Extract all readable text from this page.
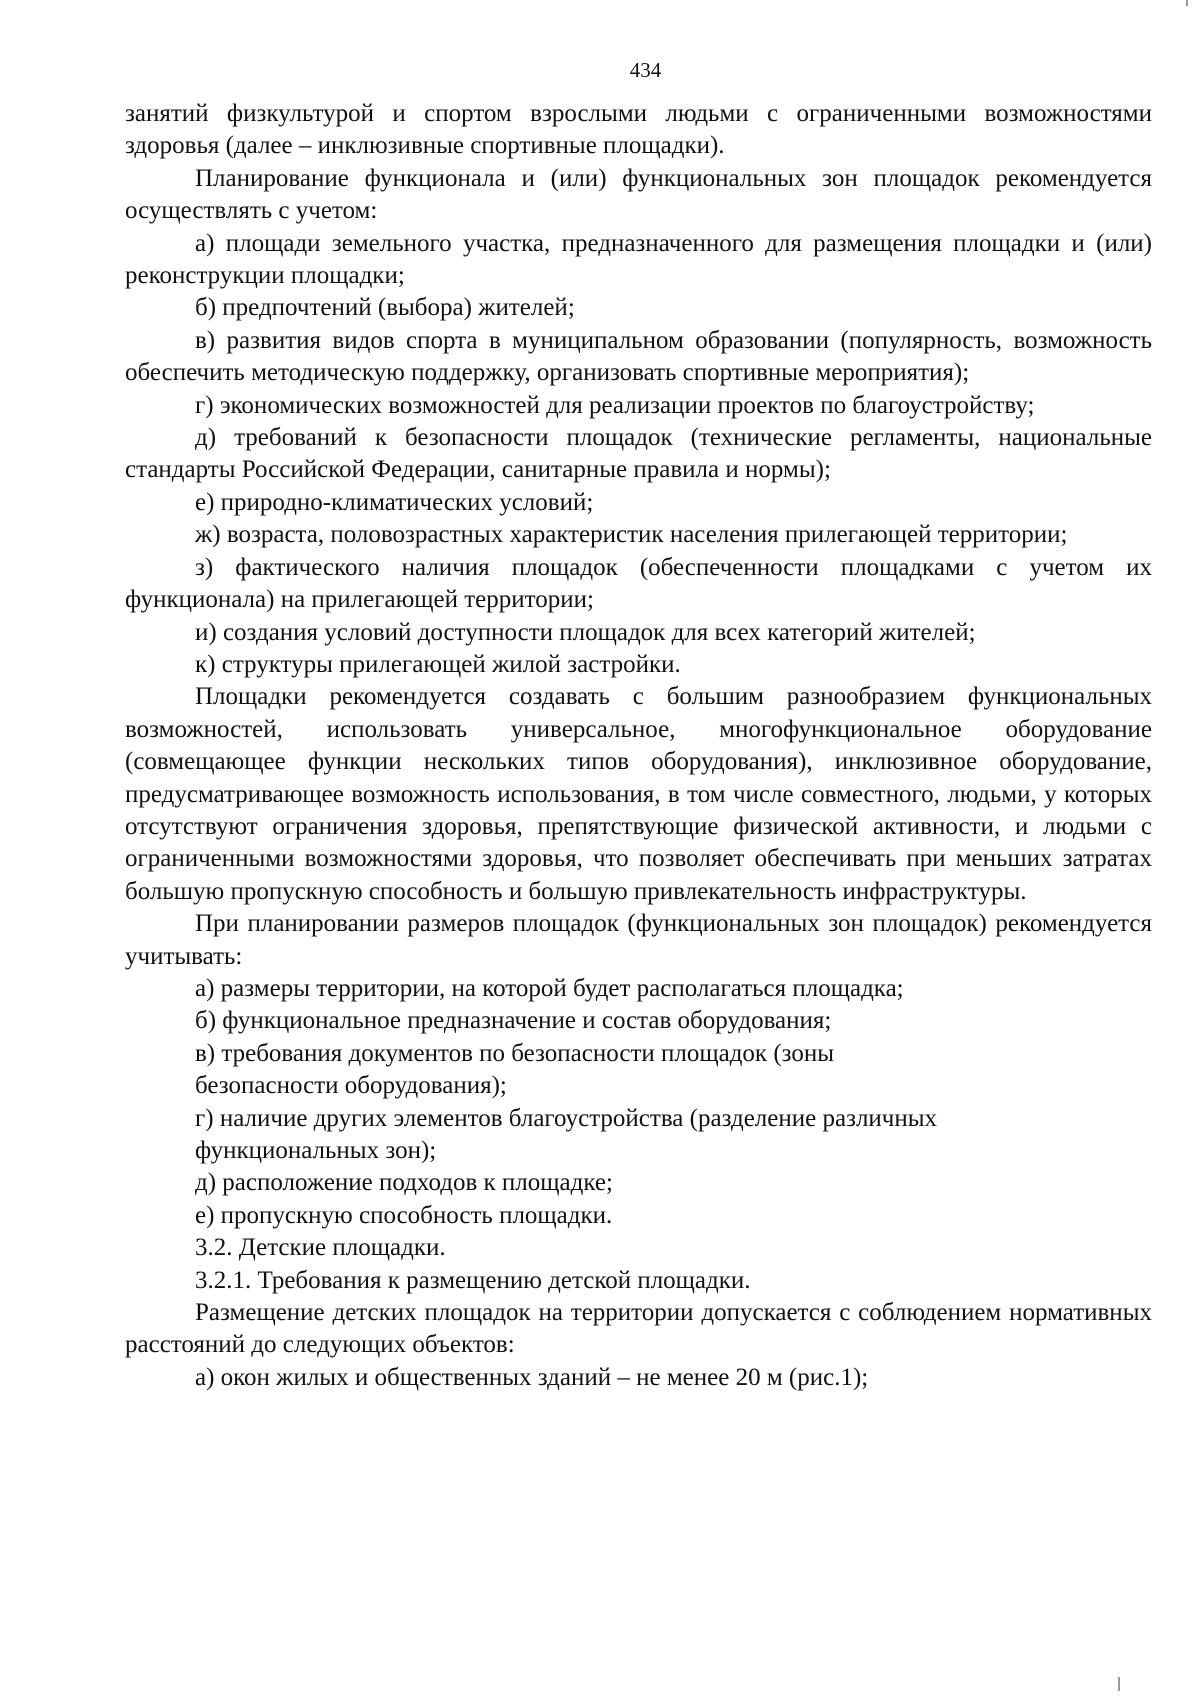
434

занятий физкультурой и спортом взрослыми людьми с ограниченными возможностями здоровья (далее – инклюзивные спортивные площадки).

Планирование функционала и (или) функциональных зон площадок рекомендуется осуществлять с учетом:

а) площади земельного участка, предназначенного для размещения площадки и (или) реконструкции площадки;

б) предпочтений (выбора) жителей;

в) развития видов спорта в муниципальном образовании (популярность, возможность обеспечить методическую поддержку, организовать спортивные мероприятия);

г) экономических возможностей для реализации проектов по благоустройству;

д) требований к безопасности площадок (технические регламенты, национальные стандарты Российской Федерации, санитарные правила и нормы);

е) природно-климатических условий;

ж) возраста, половозрастных характеристик населения прилегающей территории;

з) фактического наличия площадок (обеспеченности площадками с учетом их функционала) на прилегающей территории;

и) создания условий доступности площадок для всех категорий жителей;

к) структуры прилегающей жилой застройки.

Площадки рекомендуется создавать с большим разнообразием функциональных возможностей, использовать универсальное, многофункциональное оборудование (совмещающее функции нескольких типов оборудования), инклюзивное оборудование, предусматривающее возможность использования, в том числе совместного, людьми, у которых отсутствуют ограничения здоровья, препятствующие физической активности, и людьми с ограниченными возможностями здоровья, что позволяет обеспечивать при меньших затратах большую пропускную способность и большую привлекательность инфраструктуры.

При планировании размеров площадок (функциональных зон площадок) рекомендуется учитывать:

а) размеры территории, на которой будет располагаться площадка;

б) функциональное предназначение и состав оборудования;

в) требования документов по безопасности площадок (зоны безопасности оборудования);

г) наличие других элементов благоустройства (разделение различных функциональных зон);

д) расположение подходов к площадке;

е) пропускную способность площадки.

3.2. Детские площадки.

3.2.1. Требования к размещению детской площадки.

Размещение детских площадок на территории допускается с соблюдением нормативных расстояний до следующих объектов:

а) окон жилых и общественных зданий – не менее 20 м (рис.1);
